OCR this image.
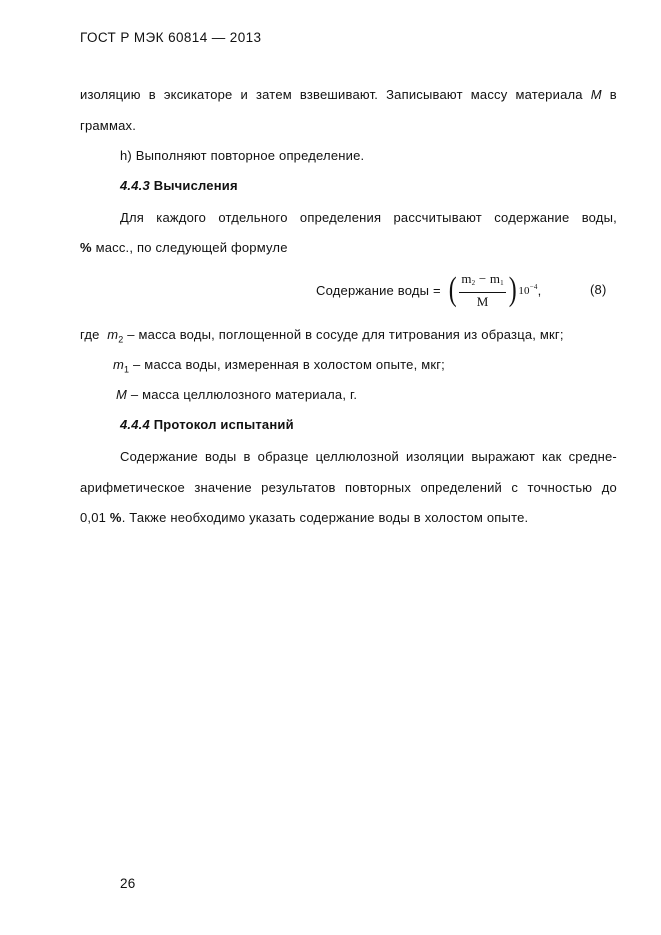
ГОСТ Р МЭК 60814 — 2013
изоляцию в эксикаторе и затем взвешивают. Записывают массу материала M в
граммах.
h) Выполняют повторное определение.
4.4.3 Вычисления
Для каждого отдельного определения рассчитывают содержание воды,
% масс., по следующей формуле
Содержание воды = ( $\frac{m_2 - m_1}{M}$ ) $10^{-4}$ ,	(8)
где $m_2$ – масса воды, поглощенной в сосуде для титрования из образца, мкг;
$m_1$ – масса воды, измеренная в холостом опыте, мкг;
M – масса целлюлозного материала, г.
4.4.4 Протокол испытаний
Содержание воды в образце целлюлозной изоляции выражают как средне-
арифметическое значение результатов повторных определений с точностью до
0,01 %. Также необходимо указать содержание воды в холостом опыте.
26
